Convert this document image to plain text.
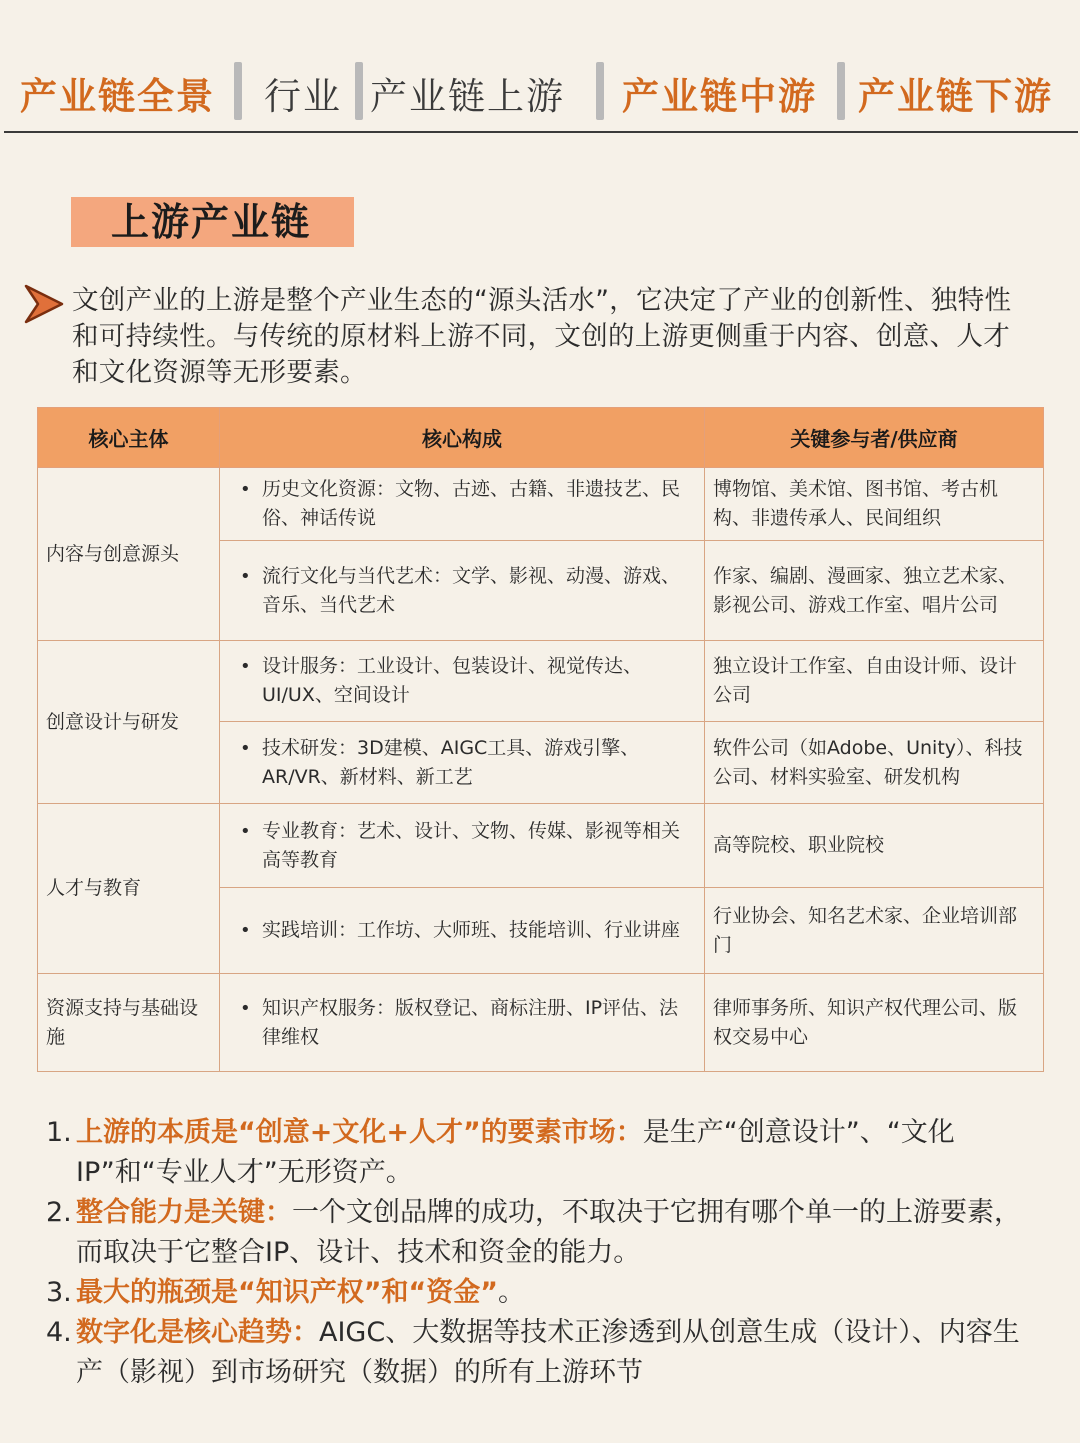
产业链全景 行业 产业链上游 产业链中游 产业链下游
上游产业链
文创产业的上游是整个产业生态的“源头活水”，它决定了产业的创新性、独特性和可持续性。与传统的原材料上游不同，文创的上游更侧重于内容、创意、人才和文化资源等无形要素。
核心主体	核心构成	关键参与者/供应商
内容与创意源头	• 历史文化资源：文物、古迹、古籍、非遗技艺、民俗、神话传说	博物馆、美术馆、图书馆、考古机构、非遗传承人、民间组织

	• 流行文化与当代艺术：文学、影视、动漫、游戏、音乐、当代艺术	作家、编剧、漫画家、独立艺术家、影视公司、游戏工作室、唱片公司
创意设计与研发	• 设计服务：工业设计、包装设计、视觉传达、UI/UX、空间设计	独立设计工作室、自由设计师、设计公司

	• 技术研发：3D建模、AIGC工具、游戏引擎、AR/VR、新材料、新工艺	软件公司（如Adobe、Unity）、科技公司、材料实验室、研发机构
人才与教育	• 专业教育：艺术、设计、文物、传媒、影视等相关高等教育	高等院校、职业院校

	• 实践培训：工作坊、大师班、技能培训、行业讲座	行业协会、知名艺术家、企业培训部门
资源支持与基础设施	• 知识产权服务：版权登记、商标注册、IP评估、法律维权	律师事务所、知识产权代理公司、版权交易中心
1. 上游的本质是“创意+文化+人才”的要素市场：是生产“创意设计”、“文化IP”和“专业人才”无形资产。
2. 整合能力是关键：一个文创品牌的成功，不取决于它拥有哪个单一的上游要素，而取决于它整合IP、设计、技术和资金的能力。
3. 最大的瓶颈是“知识产权”和“资金”。
4. 数字化是核心趋势：AIGC、大数据等技术正渗透到从创意生成（设计）、内容生产（影视）到市场研究（数据）的所有上游环节
